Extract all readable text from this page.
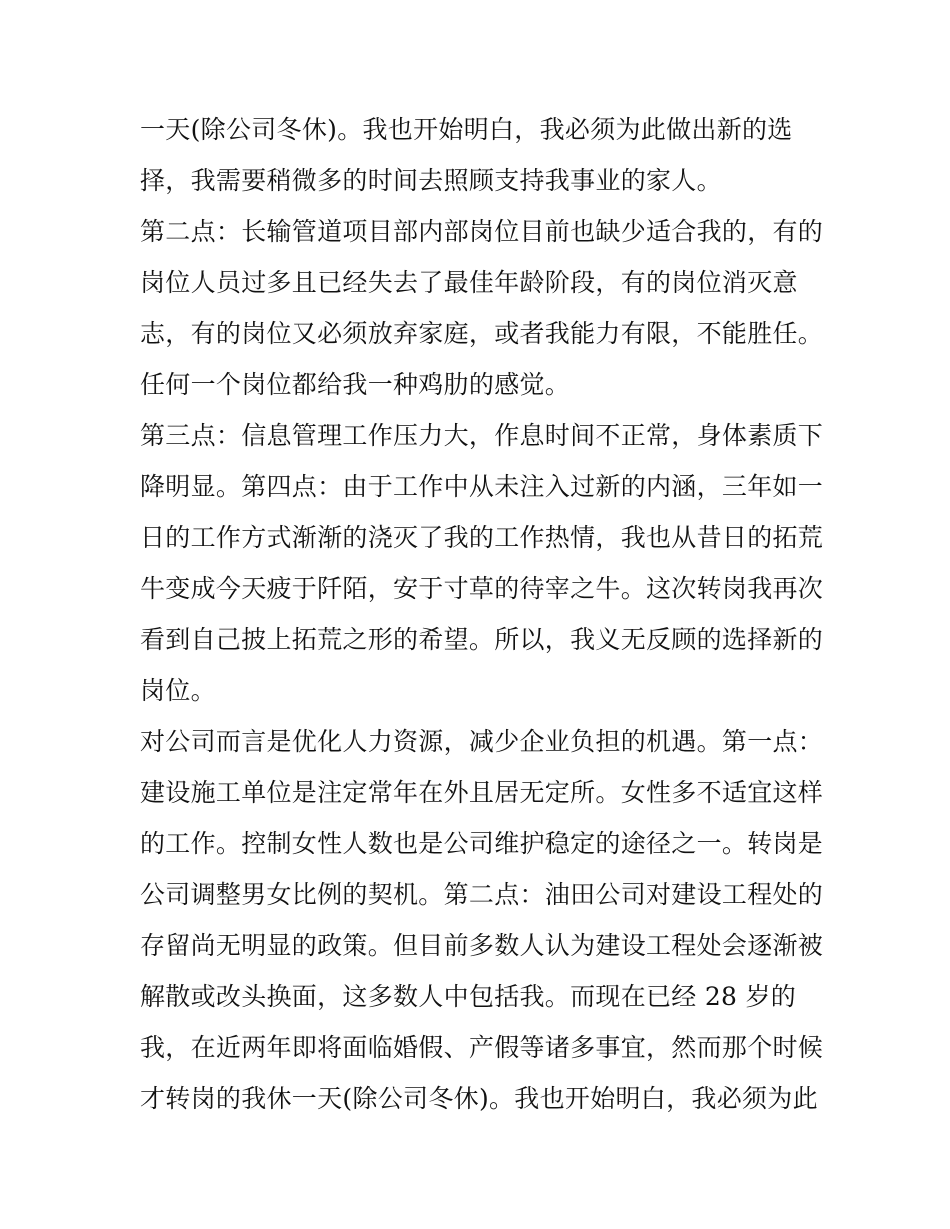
一天(除公司冬休)。我也开始明白，我必须为此做出新的选
择，我需要稍微多的时间去照顾支持我事业的家人。
第二点：长输管道项目部内部岗位目前也缺少适合我的，有的
岗位人员过多且已经失去了最佳年龄阶段，有的岗位消灭意
志，有的岗位又必须放弃家庭，或者我能力有限，不能胜任。
任何一个岗位都给我一种鸡肋的感觉。
第三点：信息管理工作压力大，作息时间不正常，身体素质下
降明显。第四点：由于工作中从未注入过新的内涵，三年如一
日的工作方式渐渐的浇灭了我的工作热情，我也从昔日的拓荒
牛变成今天疲于阡陌，安于寸草的待宰之牛。这次转岗我再次
看到自己披上拓荒之形的希望。所以，我义无反顾的选择新的
岗位。
对公司而言是优化人力资源，减少企业负担的机遇。第一点：
建设施工单位是注定常年在外且居无定所。女性多不适宜这样
的工作。控制女性人数也是公司维护稳定的途径之一。转岗是
公司调整男女比例的契机。第二点：油田公司对建设工程处的
存留尚无明显的政策。但目前多数人认为建设工程处会逐渐被
解散或改头换面，这多数人中包括我。而现在已经 28 岁的
我，在近两年即将面临婚假、产假等诸多事宜，然而那个时候
才转岗的我休一天(除公司冬休)。我也开始明白，我必须为此
